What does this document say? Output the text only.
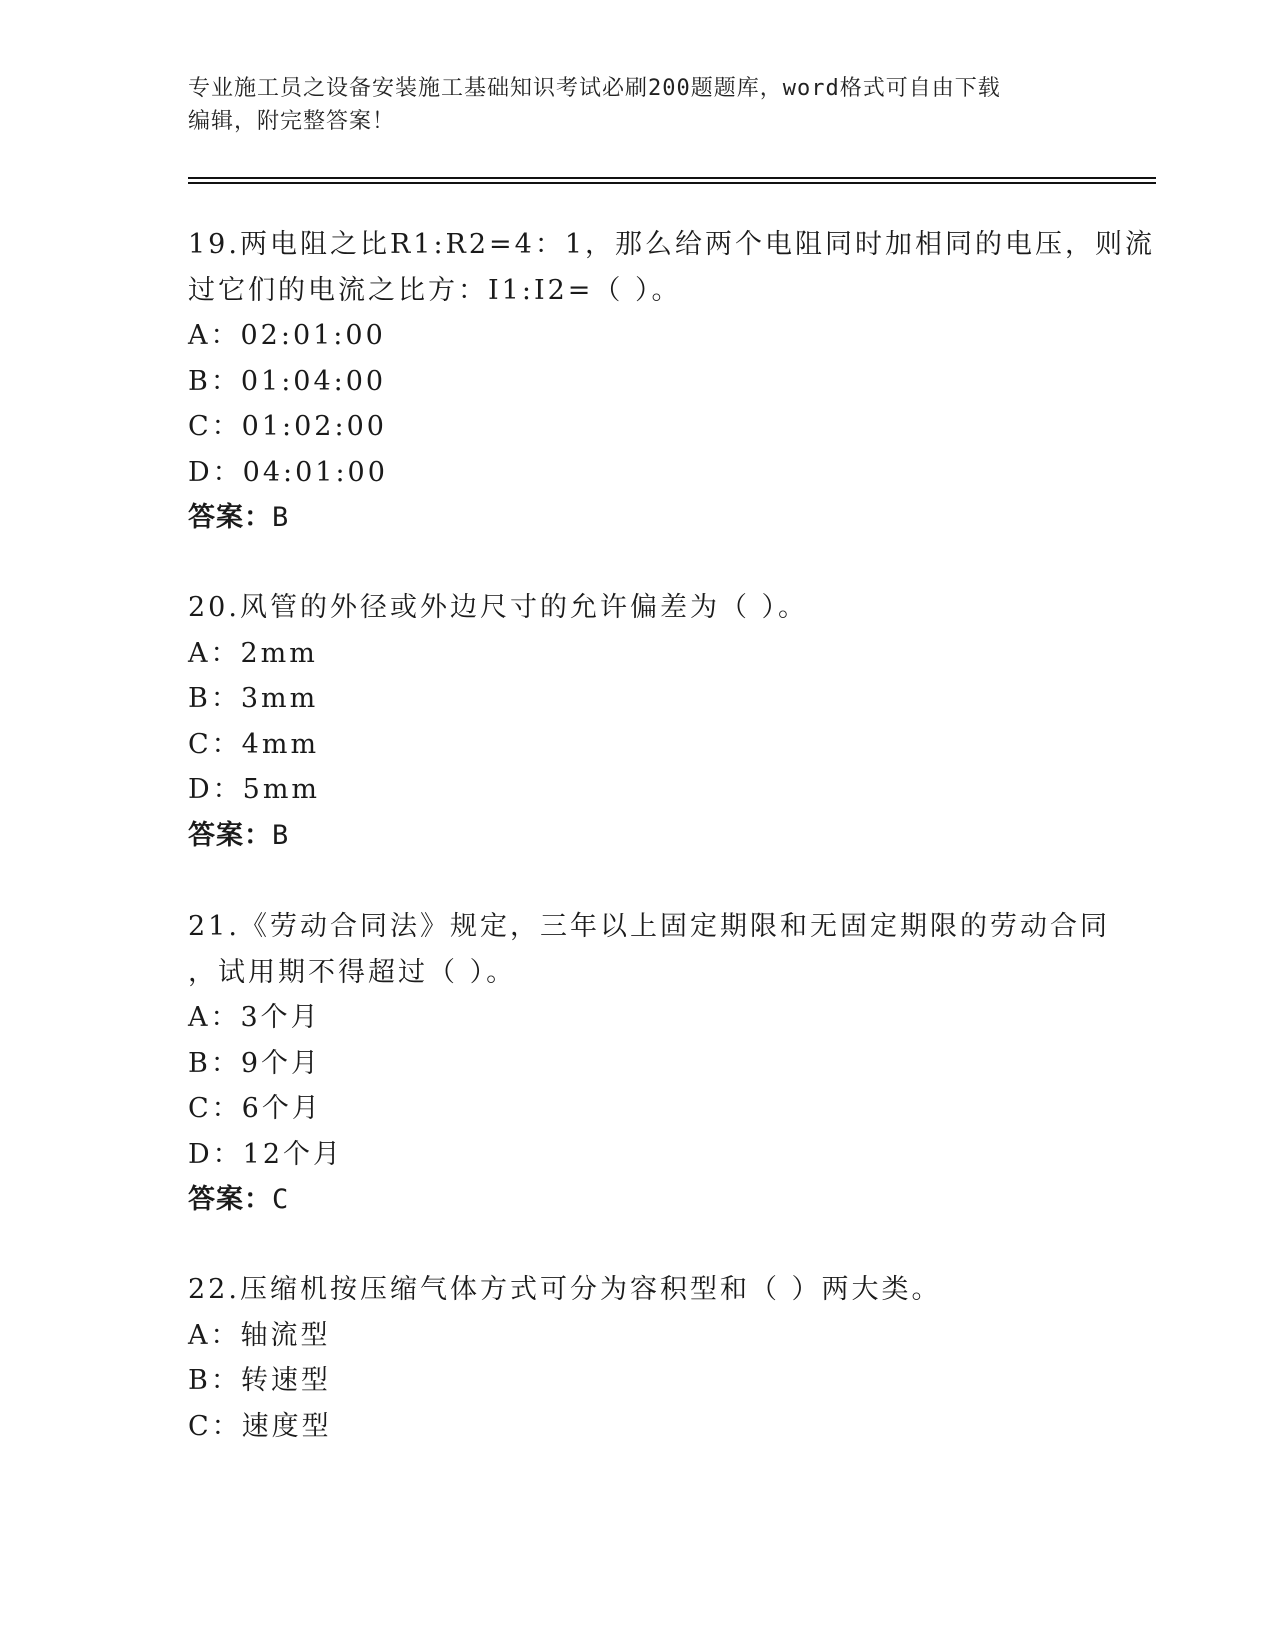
专业施工员之设备安装施工基础知识考试必刷200题题库，word格式可自由下载
编辑，附完整答案！
19.两电阻之比R1:R2=4：1，那么给两个电阻同时加相同的电压，则流
过它们的电流之比方：I1:I2=（ ）。
A：02:01:00
B：01:04:00
C：01:02:00
D：04:01:00
答案：B
20.风管的外径或外边尺寸的允许偏差为（ ）。
A：2mm
B：3mm
C：4mm
D：5mm
答案：B
21.《劳动合同法》规定，三年以上固定期限和无固定期限的劳动合同
，试用期不得超过（ ）。
A：3个月
B：9个月
C：6个月
D：12个月
答案：C
22.压缩机按压缩气体方式可分为容积型和（ ）两大类。
A：轴流型
B：转速型
C：速度型
